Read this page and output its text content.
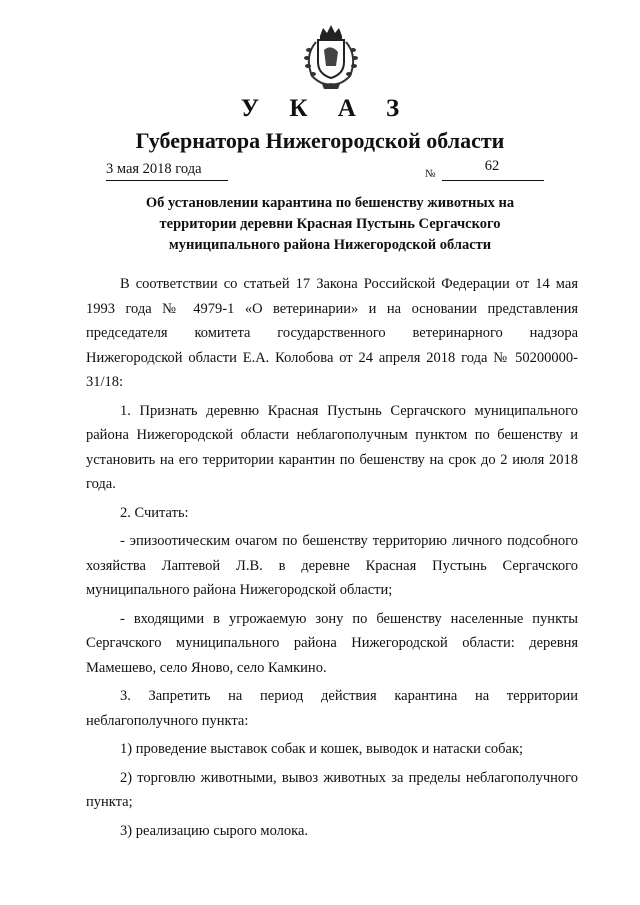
У К А З
Губернатора Нижегородской области
3 мая 2018 года	№	62
Об установлении карантина по бешенству животных на территории деревни Красная Пустынь Сергачского муниципального района Нижегородской области

В соответствии со статьей 17 Закона Российской Федерации от 14 мая 1993 года № 4979-1 «О ветеринарии» и на основании представления председателя комитета государственного ветеринарного надзора Нижегородской области Е.А. Колобова от 24 апреля 2018 года № 50200000-31/18:

1. Признать деревню Красная Пустынь Сергачского муниципального района Нижегородской области неблагополучным пунктом по бешенству и установить на его территории карантин по бешенству на срок до 2 июля 2018 года.

2. Считать:

- эпизоотическим очагом по бешенству территорию личного подсобного хозяйства Лаптевой Л.В. в деревне Красная Пустынь Сергачского муниципального района Нижегородской области;

- входящими в угрожаемую зону по бешенству населенные пункты Сергачского муниципального района Нижегородской области: деревня Мамешево, село Яново, село Камкино.

3. Запретить на период действия карантина на территории неблагополучного пункта:

1) проведение выставок собак и кошек, выводок и натаски собак;

2) торговлю животными, вывоз животных за пределы неблагополучного пункта;

3) реализацию сырого молока.
